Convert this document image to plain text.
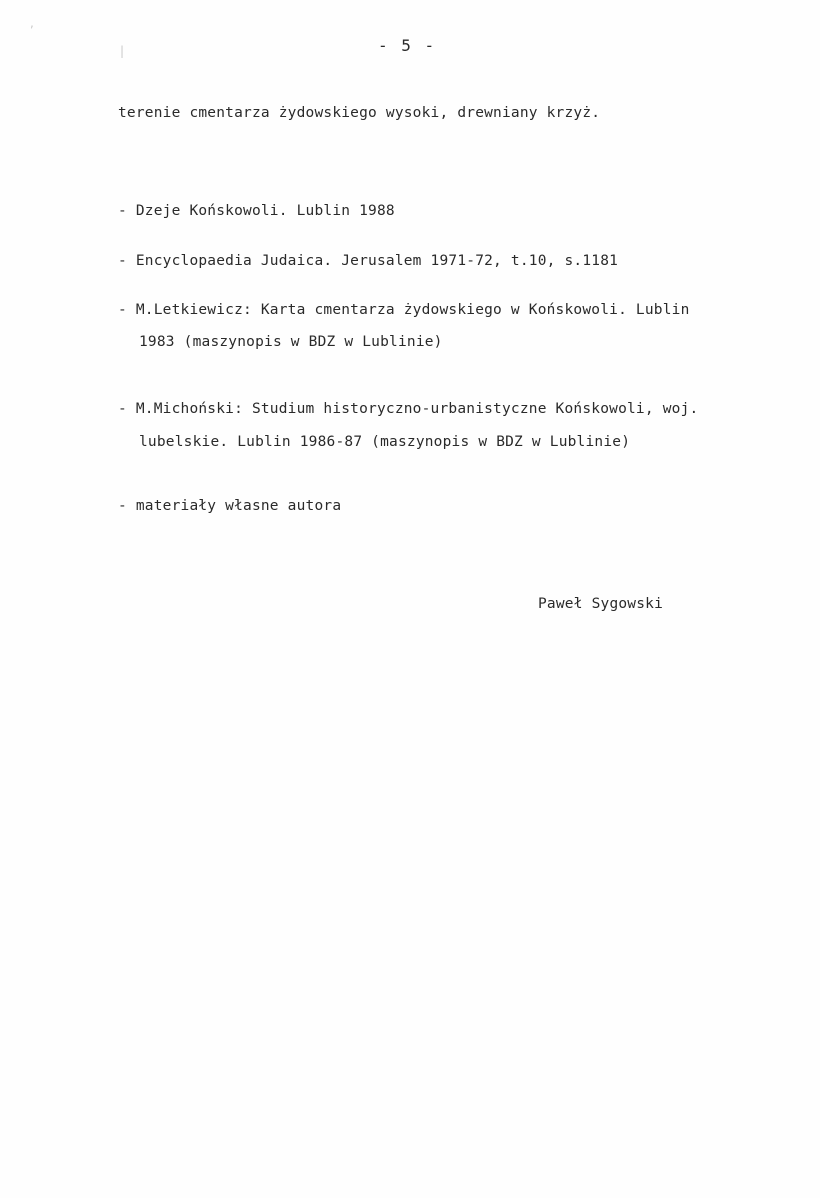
,
|	- 5 -
terenie cmentarza żydowskiego wysoki, drewniany krzyż.
- Dzeje Końskowoli. Lublin 1988
- Encyclopaedia Judaica. Jerusalem 1971-72, t.10, s.1181
- M.Letkiewicz: Karta cmentarza żydowskiego w Końskowoli. Lublin
1983 (maszynopis w BDZ w Lublinie)
- M.Michoński: Studium historyczno-urbanistyczne Końskowoli, woj.
lubelskie. Lublin 1986-87 (maszynopis w BDZ w Lublinie)
- materiały własne autora
Paweł Sygowski
